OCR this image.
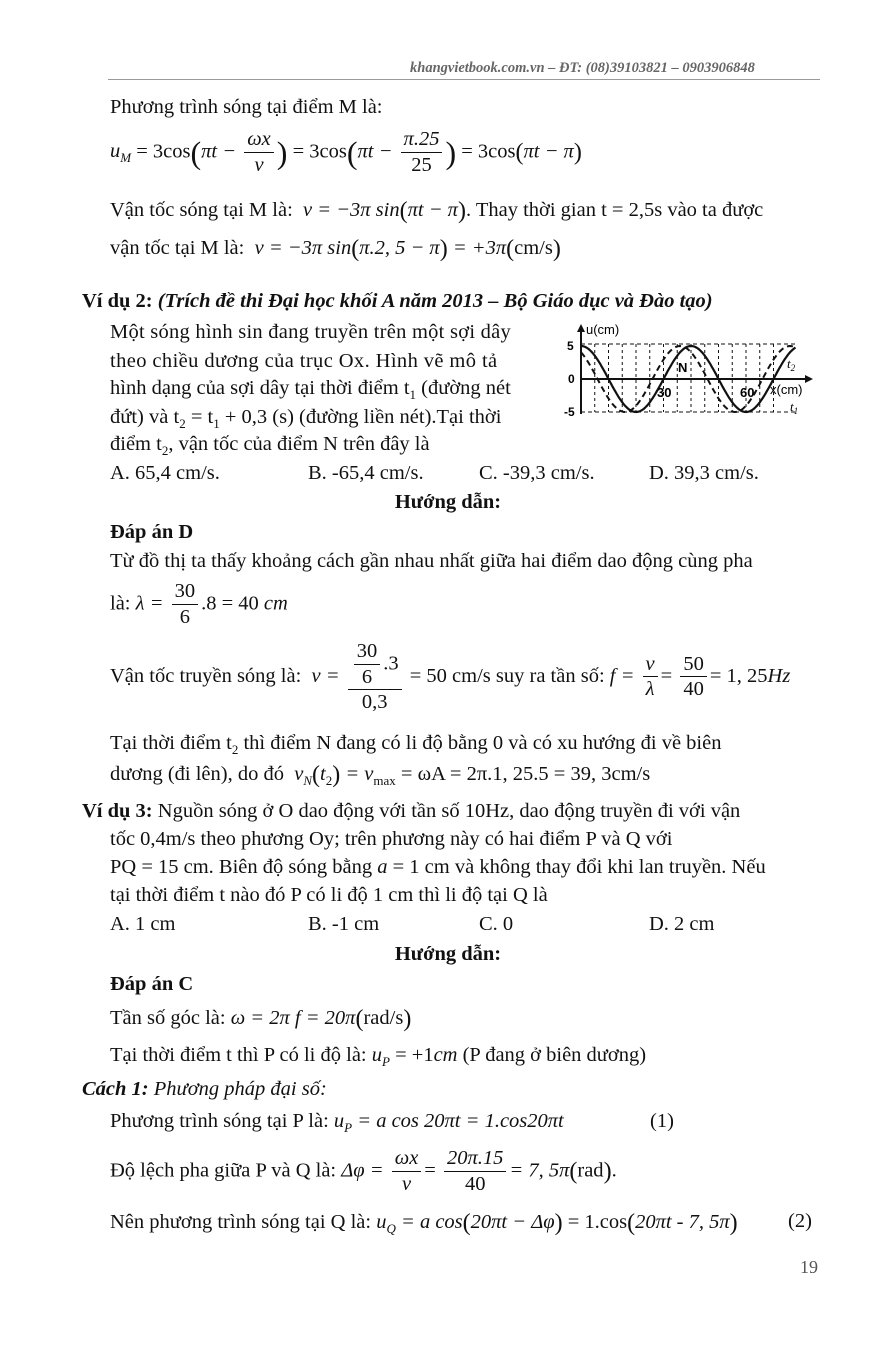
khangvietbook.com.vn – ĐT: (08)39103821 – 0903906848
Phương trình sóng tại điểm M là:
$u_M = 3\cos(\pi t - \frac{\omega x}{v}$ ) = $3\cos(\pi t - \frac{\pi.25}{25}$ ) = 3cos(πt − π)
Vận tốc sóng tại M là: v = −3π sin(πt − π). Thay thời gian t = 2,5s vào ta được
vận tốc tại M là: v = −3π sin(π.2, 5 − π) = +3π(cm/s)
Ví dụ 2: (Trích đề thi Đại học khối A năm 2013 – Bộ Giáo dục và Đào tạo)
Một sóng hình sin đang truyền trên một sợi dây
theo chiều dương của trục Ox. Hình vẽ mô tả
hình dạng của sợi dây tại thời điểm $t_1$ (đường nét
đứt) và $t_2 = t_1 + 0,3$ (s) (đường liền nét).Tại thời
điểm $t_2$, vận tốc của điểm N trên đây là
u(cm)
5
0
-5
30	60
N
x(cm)
$t_2$
$t_1$
A. 65,4 cm/s.	B. -65,4 cm/s.	C. -39,3 cm/s.	D. 39,3 cm/s.
Hướng dẫn:
Đáp án D
Từ đồ thị ta thấy khoảng cách gần nhau nhất giữa hai điểm dao động cùng pha
là: $\lambda = \frac{30}{6} .8 = 40$ cm
Vận tốc truyền sóng là: $v = \frac{\frac{30}{6} .3}{0,3} = 50$ cm/s suy ra tần số: $f = \frac{v}{\lambda} = \frac{50}{40} = 1$, 25Hz
Tại thời điểm $t_2$ thì điểm N đang có li độ bằng 0 và có xu hướng đi về biên
dương (đi lên), do đó $v_N(t_2) = v_{max} = \omega A = 2\pi.1$, 25.5 = 39, 3cm/s
Ví dụ 3: Nguồn sóng ở O dao động với tần số 10Hz, dao động truyền đi với vận
tốc 0,4m/s theo phương Oy; trên phương này có hai điểm P và Q với
PQ = 15 cm. Biên độ sóng bằng a = 1 cm và không thay đổi khi lan truyền. Nếu
tại thời điểm t nào đó P có li độ 1 cm thì li độ tại Q là
A. 1 cm	B. -1 cm	C. 0	D. 2 cm
Hướng dẫn:
Đáp án C
Tần số góc là: ω = 2π f = 20π(rad/s)
Tại thời điểm t thì P có li độ là: $u_P = +1cm$ (P đang ở biên dương)
Cách 1: Phương pháp đại số:
Phương trình sóng tại P là: $u_P = a$ cos 20πt = 1.cos20πt	(1)
Độ lệch pha giữa P và Q là: $\Delta\varphi = \frac{\omega x}{v} = \frac{20\pi.15}{40} = 7$, 5π(rad).
Nên phương trình sóng tại Q là: $u_Q = a$ cos(20πt − Δφ) = 1.cos(20πt - 7, 5π) (2)
19
